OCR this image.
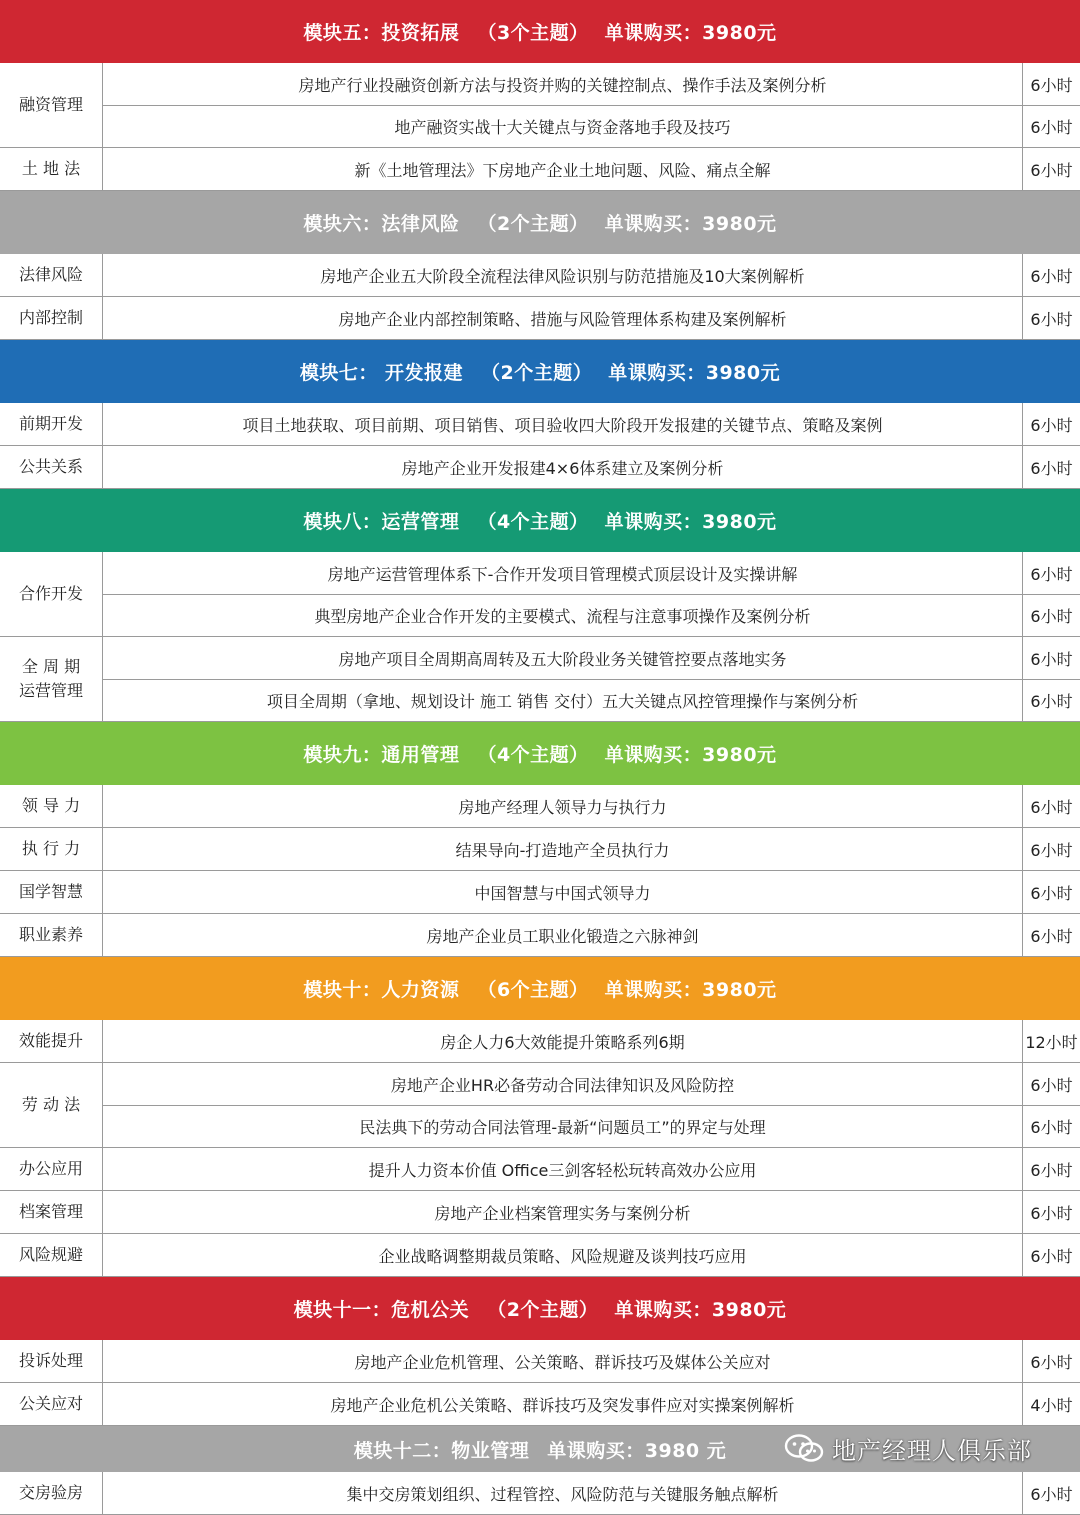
模块五：投资拓展 （3个主题） 单课购买：3980元
融资管理
房地产行业投融资创新方法与投资并购的关键控制点、操作手法及案例分析	6小时
地产融资实战十大关键点与资金落地手段及技巧	6小时
土 地 法	新《土地管理法》下房地产企业土地问题、风险、痛点全解	6小时
模块六：法律风险 （2个主题） 单课购买：3980元
法律风险	房地产企业五大阶段全流程法律风险识别与防范措施及10大案例解析	6小时
内部控制	房地产企业内部控制策略、措施与风险管理体系构建及案例解析	6小时
模块七： 开发报建 （2个主题） 单课购买：3980元
前期开发	项目土地获取、项目前期、项目销售、项目验收四大阶段开发报建的关键节点、策略及案例	6小时
公共关系	房地产企业开发报建4×6体系建立及案例分析	6小时
模块八：运营管理 （4个主题） 单课购买：3980元
合作开发
房地产运营管理体系下-合作开发项目管理模式顶层设计及实操讲解	6小时
典型房地产企业合作开发的主要模式、流程与注意事项操作及案例分析	6小时
全 周 期
运营管理
房地产项目全周期高周转及五大阶段业务关键管控要点落地实务	6小时
项目全周期（拿地、规划设计 施工 销售 交付）五大关键点风控管理操作与案例分析	6小时
模块九：通用管理 （4个主题） 单课购买：3980元
领 导 力	房地产经理人领导力与执行力	6小时
执 行 力	结果导向-打造地产全员执行力	6小时
国学智慧	中国智慧与中国式领导力	6小时
职业素养	房地产企业员工职业化锻造之六脉神剑	6小时
模块十：人力资源 （6个主题） 单课购买：3980元
效能提升	房企人力6大效能提升策略系列6期	12小时
劳 动 法
房地产企业HR必备劳动合同法律知识及风险防控	6小时
民法典下的劳动合同法管理-最新“问题员工”的界定与处理	6小时
办公应用	提升人力资本价值 Office三剑客轻松玩转高效办公应用	6小时
档案管理	房地产企业档案管理实务与案例分析	6小时
风险规避	企业战略调整期裁员策略、风险规避及谈判技巧应用	6小时
模块十一：危机公关 （2个主题） 单课购买：3980元
投诉处理	房地产企业危机管理、公关策略、群诉技巧及媒体公关应对	6小时
公关应对	房地产企业危机公关策略、群诉技巧及突发事件应对实操案例解析	4小时
模块十二：物业管理 单课购买：3980 元
交房验房	集中交房策划组织、过程管控、风险防范与关键服务触点解析	6小时
地产经理人俱乐部
